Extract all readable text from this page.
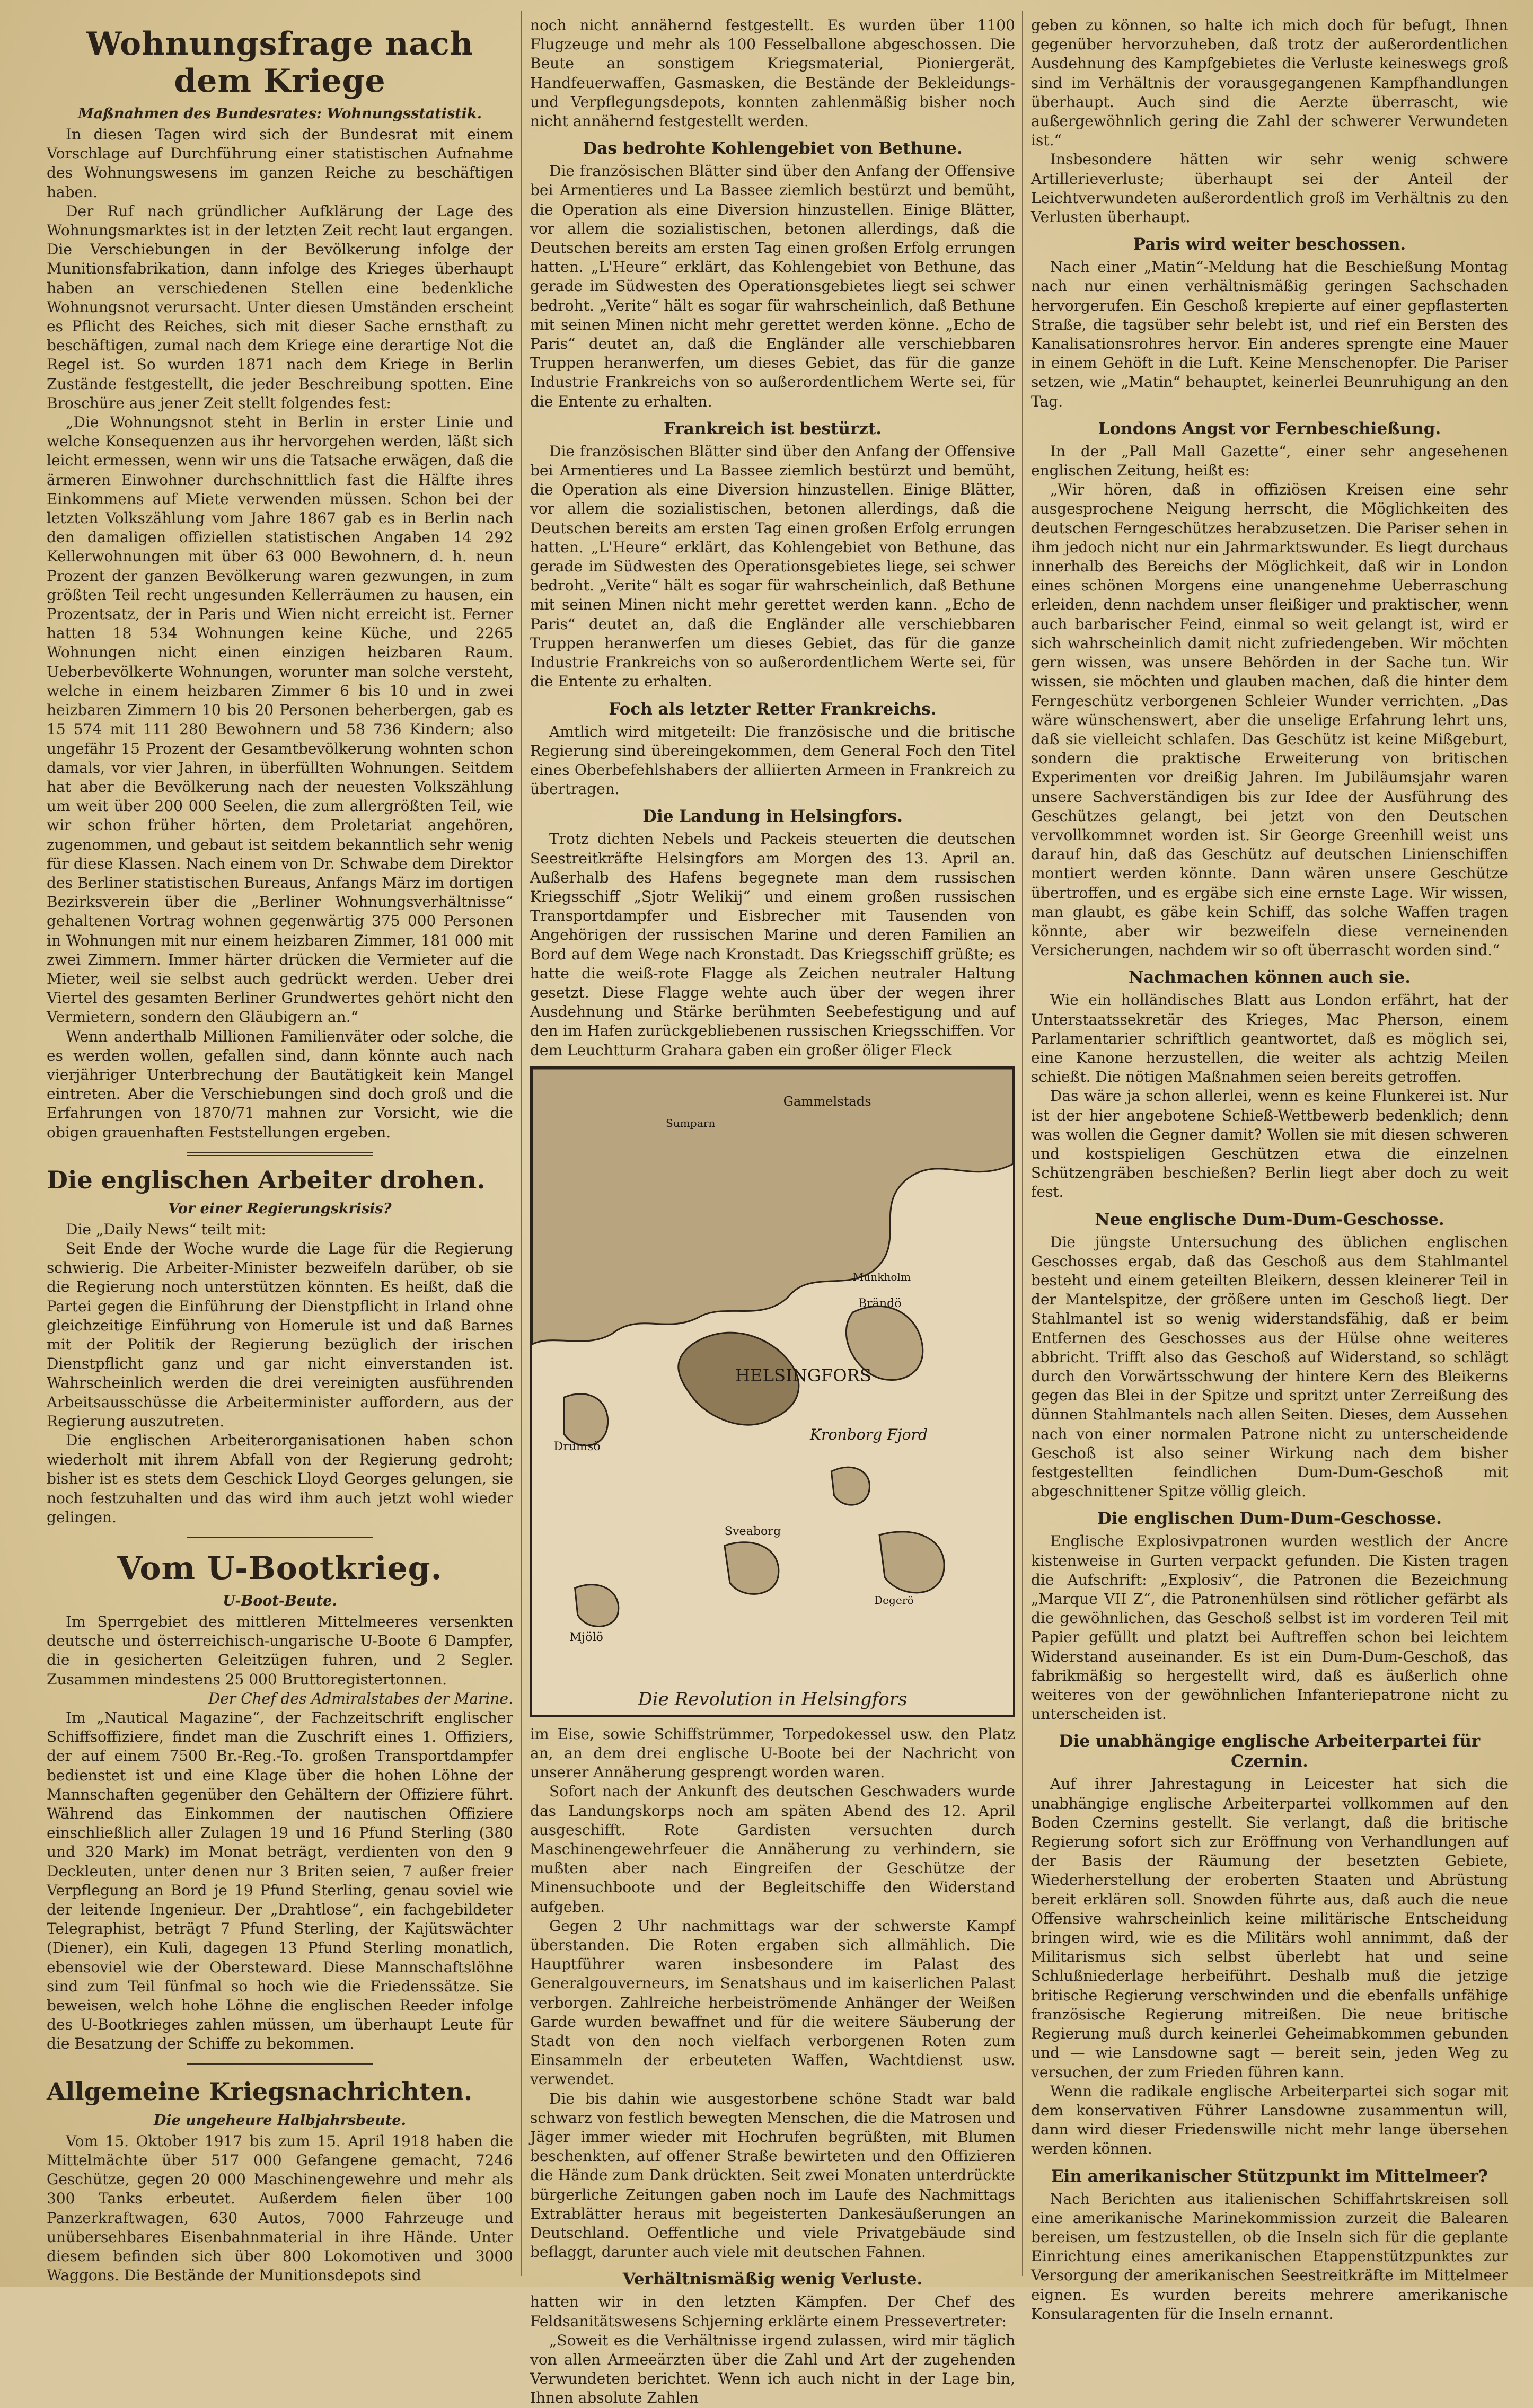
Wohnungsfrage nach dem Kriege
Maßnahmen des Bundesrates: Wohnungsstatistik.

In diesen Tagen wird sich der Bundesrat mit einem Vorschlage auf Durchführung einer statistischen Aufnahme des Wohnungswesens im ganzen Reiche zu beschäftigen haben.

Der Ruf nach gründlicher Aufklärung der Lage des Wohnungsmarktes ist in der letzten Zeit recht laut ergangen. Die Verschiebungen in der Bevölkerung infolge der Munitionsfabrikation, dann infolge des Krieges überhaupt haben an verschiedenen Stellen eine bedenkliche Wohnungsnot verursacht. Unter diesen Umständen erscheint es Pflicht des Reiches, sich mit dieser Sache ernsthaft zu beschäftigen, zumal nach dem Kriege eine derartige Not die Regel ist. So wurden 1871 nach dem Kriege in Berlin Zustände festgestellt, die jeder Beschreibung spotten. Eine Broschüre aus jener Zeit stellt folgendes fest:

„Die Wohnungsnot steht in Berlin in erster Linie und welche Konsequenzen aus ihr hervorgehen werden, läßt sich leicht ermessen, wenn wir uns die Tatsache erwägen, daß die ärmeren Einwohner durchschnittlich fast die Hälfte ihres Einkommens auf Miete verwenden müssen. Schon bei der letzten Volkszählung vom Jahre 1867 gab es in Berlin nach den damaligen offiziellen statistischen Angaben 14 292 Kellerwohnungen mit über 63 000 Bewohnern, d. h. neun Prozent der ganzen Bevölkerung waren gezwungen, in zum größten Teil recht ungesunden Kellerräumen zu hausen, ein Prozentsatz, der in Paris und Wien nicht erreicht ist. Ferner hatten 18 534 Wohnungen keine Küche, und 2265 Wohnungen nicht einen einzigen heizbaren Raum. Ueberbevölkerte Wohnungen, worunter man solche versteht, welche in einem heizbaren Zimmer 6 bis 10 und in zwei heizbaren Zimmern 10 bis 20 Personen beherbergen, gab es 15 574 mit 111 280 Bewohnern und 58 736 Kindern; also ungefähr 15 Prozent der Gesamtbevölkerung wohnten schon damals, vor vier Jahren, in überfüllten Wohnungen. Seitdem hat aber die Bevölkerung nach der neuesten Volkszählung um weit über 200 000 Seelen, die zum allergrößten Teil, wie wir schon früher hörten, dem Proletariat angehören, zugenommen, und gebaut ist seitdem bekanntlich sehr wenig für diese Klassen. Nach einem von Dr. Schwabe dem Direktor des Berliner statistischen Bureaus, Anfangs März im dortigen Bezirksverein über die „Berliner Wohnungsverhältnisse“ gehaltenen Vortrag wohnen gegenwärtig 375 000 Personen in Wohnungen mit nur einem heizbaren Zimmer, 181 000 mit zwei Zimmern. Immer härter drücken die Vermieter auf die Mieter, weil sie selbst auch gedrückt werden. Ueber drei Viertel des gesamten Berliner Grundwertes gehört nicht den Vermietern, sondern den Gläubigern an.“

Wenn anderthalb Millionen Familienväter oder solche, die es werden wollen, gefallen sind, dann könnte auch nach vierjähriger Unterbrechung der Bautätigkeit kein Mangel eintreten. Aber die Verschiebungen sind doch groß und die Erfahrungen von 1870/71 mahnen zur Vorsicht, wie die obigen grauenhaften Feststellungen ergeben.

Die englischen Arbeiter drohen.
Vor einer Regierungskrisis?

Die „Daily News“ teilt mit:

Seit Ende der Woche wurde die Lage für die Regierung schwierig. Die Arbeiter-Minister bezweifeln darüber, ob sie die Regierung noch unterstützen könnten. Es heißt, daß die Partei gegen die Einführung der Dienstpflicht in Irland ohne gleichzeitige Einführung von Homerule ist und daß Barnes mit der Politik der Regierung bezüglich der irischen Dienstpflicht ganz und gar nicht einverstanden ist. Wahrscheinlich werden die drei vereinigten ausführenden Arbeitsausschüsse die Arbeiterminister auffordern, aus der Regierung auszutreten.

Die englischen Arbeiterorganisationen haben schon wiederholt mit ihrem Abfall von der Regierung gedroht; bisher ist es stets dem Geschick Lloyd Georges gelungen, sie noch festzuhalten und das wird ihm auch jetzt wohl wieder gelingen.

Vom U-Bootkrieg.
U-Boot-Beute.

Im Sperrgebiet des mittleren Mittelmeeres versenkten deutsche und österreichisch-ungarische U-Boote 6 Dampfer, die in gesicherten Geleitzügen fuhren, und 2 Segler. Zusammen mindestens 25 000 Bruttoregistertonnen.

Der Chef des Admiralstabes der Marine.

Im „Nautical Magazine“, der Fachzeitschrift englischer Schiffsoffiziere, findet man die Zuschrift eines 1. Offiziers, der auf einem 7500 Br.-Reg.-To. großen Transportdampfer bedienstet ist und eine Klage über die hohen Löhne der Mannschaften gegenüber den Gehältern der Offiziere führt. Während das Einkommen der nautischen Offiziere einschließlich aller Zulagen 19 und 16 Pfund Sterling (380 und 320 Mark) im Monat beträgt, verdienten von den 9 Deckleuten, unter denen nur 3 Briten seien, 7 außer freier Verpflegung an Bord je 19 Pfund Sterling, genau soviel wie der leitende Ingenieur. Der „Drahtlose“, ein fachgebildeter Telegraphist, beträgt 7 Pfund Sterling, der Kajütswächter (Diener), ein Kuli, dagegen 13 Pfund Sterling monatlich, ebensoviel wie der Obersteward. Diese Mannschaftslöhne sind zum Teil fünfmal so hoch wie die Friedenssätze. Sie beweisen, welch hohe Löhne die englischen Reeder infolge des U-Bootkrieges zahlen müssen, um überhaupt Leute für die Besatzung der Schiffe zu bekommen.

Allgemeine Kriegsnachrichten.
Die ungeheure Halbjahrsbeute.

Vom 15. Oktober 1917 bis zum 15. April 1918 haben die Mittelmächte über 517 000 Gefangene gemacht, 7246 Geschütze, gegen 20 000 Maschinengewehre und mehr als 300 Tanks erbeutet. Außerdem fielen über 100 Panzerkraftwagen, 630 Autos, 7000 Fahrzeuge und unübersehbares Eisenbahnmaterial in ihre Hände. Unter diesem befinden sich über 800 Lokomotiven und 3000 Waggons. Die Bestände der Munitionsdepots sind

noch nicht annähernd festgestellt. Es wurden über 1100 Flugzeuge und mehr als 100 Fesselballone abgeschossen. Die Beute an sonstigem Kriegsmaterial, Pioniergerät, Handfeuerwaffen, Gasmasken, die Bestände der Bekleidungs- und Verpflegungsdepots, konnten zahlenmäßig bisher noch nicht annähernd festgestellt werden.

Das bedrohte Kohlengebiet von Bethune.

Die französischen Blätter sind über den Anfang der Offensive bei Armentieres und La Bassee ziemlich bestürzt und bemüht, die Operation als eine Diversion hinzustellen. Einige Blätter, vor allem die sozialistischen, betonen allerdings, daß die Deutschen bereits am ersten Tag einen großen Erfolg errungen hatten. „L'Heure“ erklärt, das Kohlengebiet von Bethune, das gerade im Südwesten des Operationsgebietes liegt sei schwer bedroht. „Verite“ hält es sogar für wahrscheinlich, daß Bethune mit seinen Minen nicht mehr gerettet werden könne. „Echo de Paris“ deutet an, daß die Engländer alle verschiebbaren Truppen heranwerfen, um dieses Gebiet, das für die ganze Industrie Frankreichs von so außerordentlichem Werte sei, für die Entente zu erhalten.

Frankreich ist bestürzt.

Die französischen Blätter sind über den Anfang der Offensive bei Armentieres und La Bassee ziemlich bestürzt und bemüht, die Operation als eine Diversion hinzustellen. Einige Blätter, vor allem die sozialistischen, betonen allerdings, daß die Deutschen bereits am ersten Tag einen großen Erfolg errungen hatten. „L'Heure“ erklärt, das Kohlengebiet von Bethune, das gerade im Südwesten des Operationsgebietes liege, sei schwer bedroht. „Verite“ hält es sogar für wahrscheinlich, daß Bethune mit seinen Minen nicht mehr gerettet werden kann. „Echo de Paris“ deutet an, daß die Engländer alle verschiebbaren Truppen heranwerfen um dieses Gebiet, das für die ganze Industrie Frankreichs von so außerordentlichem Werte sei, für die Entente zu erhalten.

Foch als letzter Retter Frankreichs.

Amtlich wird mitgeteilt: Die französische und die britische Regierung sind übereingekommen, dem General Foch den Titel eines Oberbefehlshabers der alliierten Armeen in Frankreich zu übertragen.

Die Landung in Helsingfors.

Trotz dichten Nebels und Packeis steuerten die deutschen Seestreitkräfte Helsingfors am Morgen des 13. April an. Außerhalb des Hafens begegnete man dem russischen Kriegsschiff „Sjotr Welikij“ und einem großen russischen Transportdampfer und Eisbrecher mit Tausenden von Angehörigen der russischen Marine und deren Familien an Bord auf dem Wege nach Kronstadt. Das Kriegsschiff grüßte; es hatte die weiß-rote Flagge als Zeichen neutraler Haltung gesetzt. Diese Flagge wehte auch über der wegen ihrer Ausdehnung und Stärke berühmten Seebefestigung und auf den im Hafen zurückgebliebenen russischen Kriegsschiffen. Vor dem Leuchtturm Grahara gaben ein großer öliger Fleck

HELSINGFORS
Gammelstads
Brändö
Sveaborg
Kronborg Fjord
Drumsö
Mjölö
Degerö
Sumparn
Munkholm
Die Revolution in Helsingfors

im Eise, sowie Schiffstrümmer, Torpedokessel usw. den Platz an, an dem drei englische U-Boote bei der Nachricht von unserer Annäherung gesprengt worden waren.

Sofort nach der Ankunft des deutschen Geschwaders wurde das Landungskorps noch am späten Abend des 12. April ausgeschifft. Rote Gardisten versuchten durch Maschinengewehrfeuer die Annäherung zu verhindern, sie mußten aber nach Eingreifen der Geschütze der Minensuchboote und der Begleitschiffe den Widerstand aufgeben.

Gegen 2 Uhr nachmittags war der schwerste Kampf überstanden. Die Roten ergaben sich allmählich. Die Hauptführer waren insbesondere im Palast des Generalgouverneurs, im Senatshaus und im kaiserlichen Palast verborgen. Zahlreiche herbeiströmende Anhänger der Weißen Garde wurden bewaffnet und für die weitere Säuberung der Stadt von den noch vielfach verborgenen Roten zum Einsammeln der erbeuteten Waffen, Wachtdienst usw. verwendet.

Die bis dahin wie ausgestorbene schöne Stadt war bald schwarz von festlich bewegten Menschen, die die Matrosen und Jäger immer wieder mit Hochrufen begrüßten, mit Blumen beschenkten, auf offener Straße bewirteten und den Offizieren die Hände zum Dank drückten. Seit zwei Monaten unterdrückte bürgerliche Zeitungen gaben noch im Laufe des Nachmittags Extrablätter heraus mit begeisterten Dankesäußerungen an Deutschland. Oeffentliche und viele Privatgebäude sind beflaggt, darunter auch viele mit deutschen Fahnen.

Verhältnismäßig wenig Verluste.

hatten wir in den letzten Kämpfen. Der Chef des Feldsanitätswesens Schjerning erklärte einem Pressevertreter:

„Soweit es die Verhältnisse irgend zulassen, wird mir täglich von allen Armeeärzten über die Zahl und Art der zugehenden Verwundeten berichtet. Wenn ich auch nicht in der Lage bin, Ihnen absolute Zahlen

geben zu können, so halte ich mich doch für befugt, Ihnen gegenüber hervorzuheben, daß trotz der außerordentlichen Ausdehnung des Kampfgebietes die Verluste keineswegs groß sind im Verhältnis der vorausgegangenen Kampfhandlungen überhaupt. Auch sind die Aerzte überrascht, wie außergewöhnlich gering die Zahl der schwerer Verwundeten ist.“

Insbesondere hätten wir sehr wenig schwere Artillerieverluste; überhaupt sei der Anteil der Leichtverwundeten außerordentlich groß im Verhältnis zu den Verlusten überhaupt.

Paris wird weiter beschossen.

Nach einer „Matin“-Meldung hat die Beschießung Montag nach nur einen verhältnismäßig geringen Sachschaden hervorgerufen. Ein Geschoß krepierte auf einer gepflasterten Straße, die tagsüber sehr belebt ist, und rief ein Bersten des Kanalisationsrohres hervor. Ein anderes sprengte eine Mauer in einem Gehöft in die Luft. Keine Menschenopfer. Die Pariser setzen, wie „Matin“ behauptet, keinerlei Beunruhigung an den Tag.

Londons Angst vor Fernbeschießung.

In der „Pall Mall Gazette“, einer sehr angesehenen englischen Zeitung, heißt es:

„Wir hören, daß in offiziösen Kreisen eine sehr ausgesprochene Neigung herrscht, die Möglichkeiten des deutschen Ferngeschützes herabzusetzen. Die Pariser sehen in ihm jedoch nicht nur ein Jahrmarktswunder. Es liegt durchaus innerhalb des Bereichs der Möglichkeit, daß wir in London eines schönen Morgens eine unangenehme Ueberraschung erleiden, denn nachdem unser fleißiger und praktischer, wenn auch barbarischer Feind, einmal so weit gelangt ist, wird er sich wahrscheinlich damit nicht zufriedengeben. Wir möchten gern wissen, was unsere Behörden in der Sache tun. Wir wissen, sie möchten und glauben machen, daß die hinter dem Ferngeschütz verborgenen Schleier Wunder verrichten. „Das wäre wünschenswert, aber die unselige Erfahrung lehrt uns, daß sie vielleicht schlafen. Das Geschütz ist keine Mißgeburt, sondern die praktische Erweiterung von britischen Experimenten vor dreißig Jahren. Im Jubiläumsjahr waren unsere Sachverständigen bis zur Idee der Ausführung des Geschützes gelangt, bei jetzt von den Deutschen vervollkommnet worden ist. Sir George Greenhill weist uns darauf hin, daß das Geschütz auf deutschen Linienschiffen montiert werden könnte. Dann wären unsere Geschütze übertroffen, und es ergäbe sich eine ernste Lage. Wir wissen, man glaubt, es gäbe kein Schiff, das solche Waffen tragen könnte, aber wir bezweifeln diese verneinenden Versicherungen, nachdem wir so oft überrascht worden sind.“

Nachmachen können auch sie.

Wie ein holländisches Blatt aus London erfährt, hat der Unterstaatssekretär des Krieges, Mac Pherson, einem Parlamentarier schriftlich geantwortet, daß es möglich sei, eine Kanone herzustellen, die weiter als achtzig Meilen schießt. Die nötigen Maßnahmen seien bereits getroffen.

Das wäre ja schon allerlei, wenn es keine Flunkerei ist. Nur ist der hier angebotene Schieß-Wettbewerb bedenklich; denn was wollen die Gegner damit? Wollen sie mit diesen schweren und kostspieligen Geschützen etwa die einzelnen Schützengräben beschießen? Berlin liegt aber doch zu weit fest.

Neue englische Dum-Dum-Geschosse.

Die jüngste Untersuchung des üblichen englischen Geschosses ergab, daß das Geschoß aus dem Stahlmantel besteht und einem geteilten Bleikern, dessen kleinerer Teil in der Mantelspitze, der größere unten im Geschoß liegt. Der Stahlmantel ist so wenig widerstandsfähig, daß er beim Entfernen des Geschosses aus der Hülse ohne weiteres abbricht. Trifft also das Geschoß auf Widerstand, so schlägt durch den Vorwärtsschwung der hintere Kern des Bleikerns gegen das Blei in der Spitze und spritzt unter Zerreißung des dünnen Stahlmantels nach allen Seiten. Dieses, dem Aussehen nach von einer normalen Patrone nicht zu unterscheidende Geschoß ist also seiner Wirkung nach dem bisher festgestellten feindlichen Dum-Dum-Geschoß mit abgeschnittener Spitze völlig gleich.

Die englischen Dum-Dum-Geschosse.

Englische Explosivpatronen wurden westlich der Ancre kistenweise in Gurten verpackt gefunden. Die Kisten tragen die Aufschrift: „Explosiv“, die Patronen die Bezeichnung „Marque VII Z“, die Patronenhülsen sind rötlicher gefärbt als die gewöhnlichen, das Geschoß selbst ist im vorderen Teil mit Papier gefüllt und platzt bei Auftreffen schon bei leichtem Widerstand auseinander. Es ist ein Dum-Dum-Geschoß, das fabrikmäßig so hergestellt wird, daß es äußerlich ohne weiteres von der gewöhnlichen Infanteriepatrone nicht zu unterscheiden ist.

Die unabhängige englische Arbeiterpartei für Czernin.

Auf ihrer Jahrestagung in Leicester hat sich die unabhängige englische Arbeiterpartei vollkommen auf den Boden Czernins gestellt. Sie verlangt, daß die britische Regierung sofort sich zur Eröffnung von Verhandlungen auf der Basis der Räumung der besetzten Gebiete, Wiederherstellung der eroberten Staaten und Abrüstung bereit erklären soll. Snowden führte aus, daß auch die neue Offensive wahrscheinlich keine militärische Entscheidung bringen wird, wie es die Militärs wohl annimmt, daß der Militarismus sich selbst überlebt hat und seine Schlußniederlage herbeiführt. Deshalb muß die jetzige britische Regierung verschwinden und die ebenfalls unfähige französische Regierung mitreißen. Die neue britische Regierung muß durch keinerlei Geheimabkommen gebunden und — wie Lansdowne sagt — bereit sein, jeden Weg zu versuchen, der zum Frieden führen kann.

Wenn die radikale englische Arbeiterpartei sich sogar mit dem konservativen Führer Lansdowne zusammentun will, dann wird dieser Friedenswille nicht mehr lange übersehen werden können.

Ein amerikanischer Stützpunkt im Mittelmeer?

Nach Berichten aus italienischen Schiffahrtskreisen soll eine amerikanische Marinekommission zurzeit die Balearen bereisen, um festzustellen, ob die Inseln sich für die geplante Einrichtung eines amerikanischen Etappenstützpunktes zur Versorgung der amerikanischen Seestreitkräfte im Mittelmeer eignen. Es wurden bereits mehrere amerikanische Konsularagenten für die Inseln ernannt.
